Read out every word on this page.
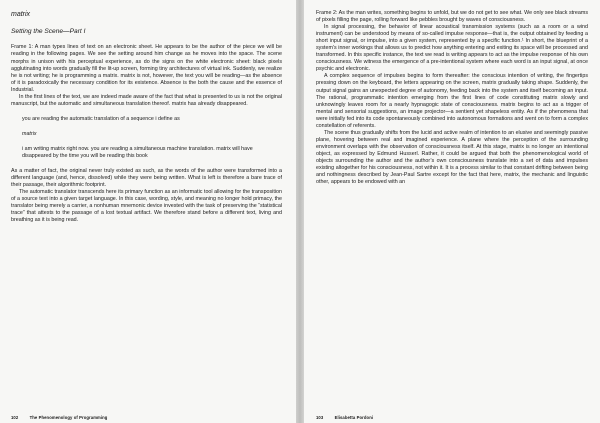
matrix
Setting the Scene—Part I

Frame 1: A man types lines of text on an electronic sheet. He appears to be the author of the piece we will be reading in the following pages. We see the setting around him change as he moves into the space. The scene morphs in unison with his perceptual experience, as do the signs on the white electronic sheet: black pixels agglutinating into words gradually fill the lit-up screen, forming tiny architectures of virtual ink. Suddenly, we realize he is not writing; he is programming a matrix. matrix is not, however, the text you will be reading—as the absence of it is paradoxically the necessary condition for its existence. Absence is the both the cause and the essence of Industrial.

In the first lines of the text, we are indeed made aware of the fact that what is presented to us is not the original manuscript, but the automatic and simultaneous translation thereof. matrix has already disappeared.

you are reading the automatic translation of a sequence i define as

matrix

i am writing matrix right now. you are reading a simultaneous machine translation. matrix will have disappeared by the time you will be reading this book

As a matter of fact, the original never truly existed as such, as the words of the author were transformed into a different language (and, hence, dissolved) while they were being written. What is left is therefore a bare trace of their passage, their algorithmic footprint.

The automatic translator transcends here its primary function as an informatic tool allowing for the transposition of a source text into a given target language. In this case, wording, style, and meaning no longer hold primacy, the translator being merely a carrier, a nonhuman mnemonic device invested with the task of preserving the “statistical trace” that attests to the passage of a lost textual artifact. We therefore stand before a different text, living and breathing as it is being read.

102	The Phenomenology of Programming

Frame 2: As the man writes, something begins to unfold, but we do not get to see what. We only see black streams of pixels filling the page, rolling forward like pebbles brought by waves of consciousness.

In signal processing, the behavior of linear acoustical transmission systems (such as a room or a wind instrument) can be understood by means of so-called impulse response—that is, the output obtained by feeding a short input signal, or impulse, into a given system, represented by a specific function.¹ In short, the blueprint of a system’s inner workings that allows us to predict how anything entering and exiting its space will be processed and transformed. In this specific instance, the text we read is writing appears to act as the impulse response of his own consciousness. We witness the emergence of a pre-intentional system where each word is an input signal, at once psychic and electronic.

A complex sequence of impulses begins to form thereafter: the conscious intention of writing, the fingertips pressing down on the keyboard, the letters appearing on the screen, matrix gradually taking shape. Suddenly, the output signal gains an unexpected degree of autonomy, feeding back into the system and itself becoming an input. The rational, programmatic intention emerging from the first lines of code constituting matrix slowly and unknowingly leaves room for a nearly hypnagogic state of consciousness. matrix begins to act as a trigger of mental and sensorial suggestions, an image projector—a sentient yet shapeless entity. As if the phenomena that were initially fed into its code spontaneously combined into autonomous formations and went on to form a complex constellation of referents.

The scene thus gradually shifts from the lucid and active realm of intention to an elusive and seemingly passive plane, hovering between real and imagined experience. A plane where the perception of the surrounding environment overlaps with the observation of consciousness itself. At this stage, matrix is no longer an intentional object, as expressed by Edmund Husserl. Rather, it could be argued that both the phenomenological world of objects surrounding the author and the author’s own consciousness translate into a set of data and impulses existing altogether for his consciousness, not within it. It is a process similar to that constant drifting between being and nothingness described by Jean-Paul Sartre except for the fact that here, matrix, the mechanic and linguistic other, appears to be endowed with an

103	Elisabetta Pordoni
